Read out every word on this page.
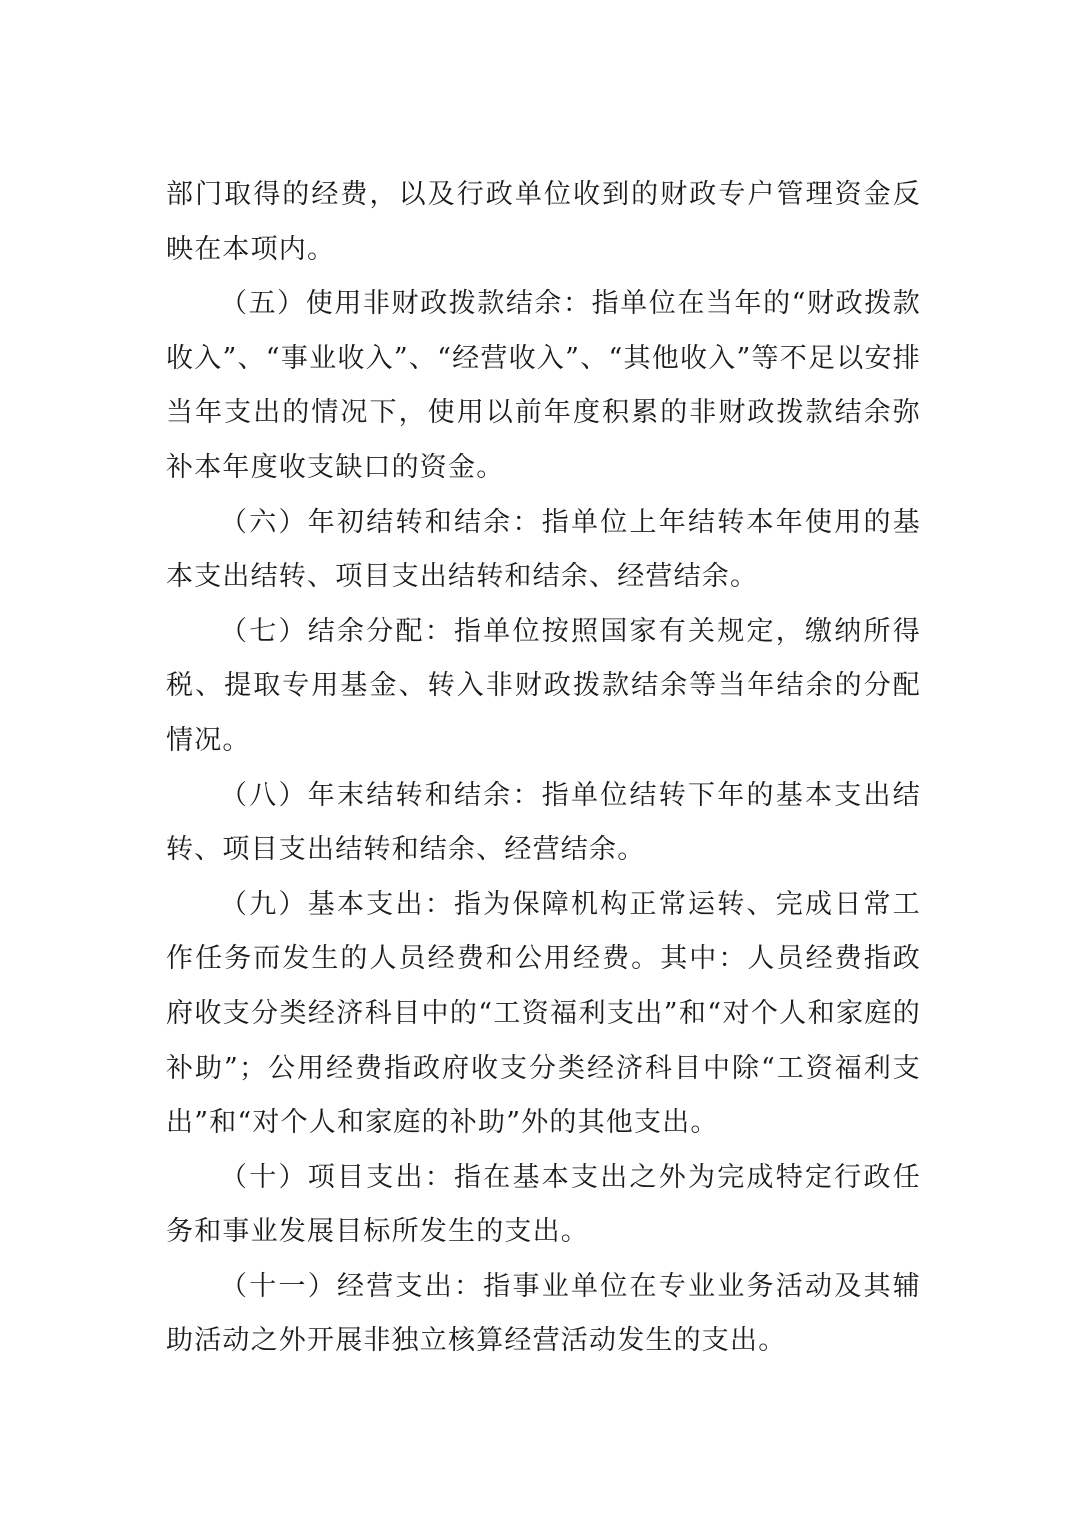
部门取得的经费，以及行政单位收到的财政专户管理资金反映在本项内。

（五）使用非财政拨款结余：指单位在当年的“财政拨款收入”、“事业收入”、“经营收入”、“其他收入”等不足以安排当年支出的情况下，使用以前年度积累的非财政拨款结余弥补本年度收支缺口的资金。

（六）年初结转和结余：指单位上年结转本年使用的基本支出结转、项目支出结转和结余、经营结余。

（七）结余分配：指单位按照国家有关规定，缴纳所得税、提取专用基金、转入非财政拨款结余等当年结余的分配情况。

（八）年末结转和结余：指单位结转下年的基本支出结转、项目支出结转和结余、经营结余。

（九）基本支出：指为保障机构正常运转、完成日常工作任务而发生的人员经费和公用经费。其中：人员经费指政府收支分类经济科目中的“工资福利支出”和“对个人和家庭的补助”；公用经费指政府收支分类经济科目中除“工资福利支出”和“对个人和家庭的补助”外的其他支出。

（十）项目支出：指在基本支出之外为完成特定行政任务和事业发展目标所发生的支出。

（十一）经营支出：指事业单位在专业业务活动及其辅助活动之外开展非独立核算经营活动发生的支出。
